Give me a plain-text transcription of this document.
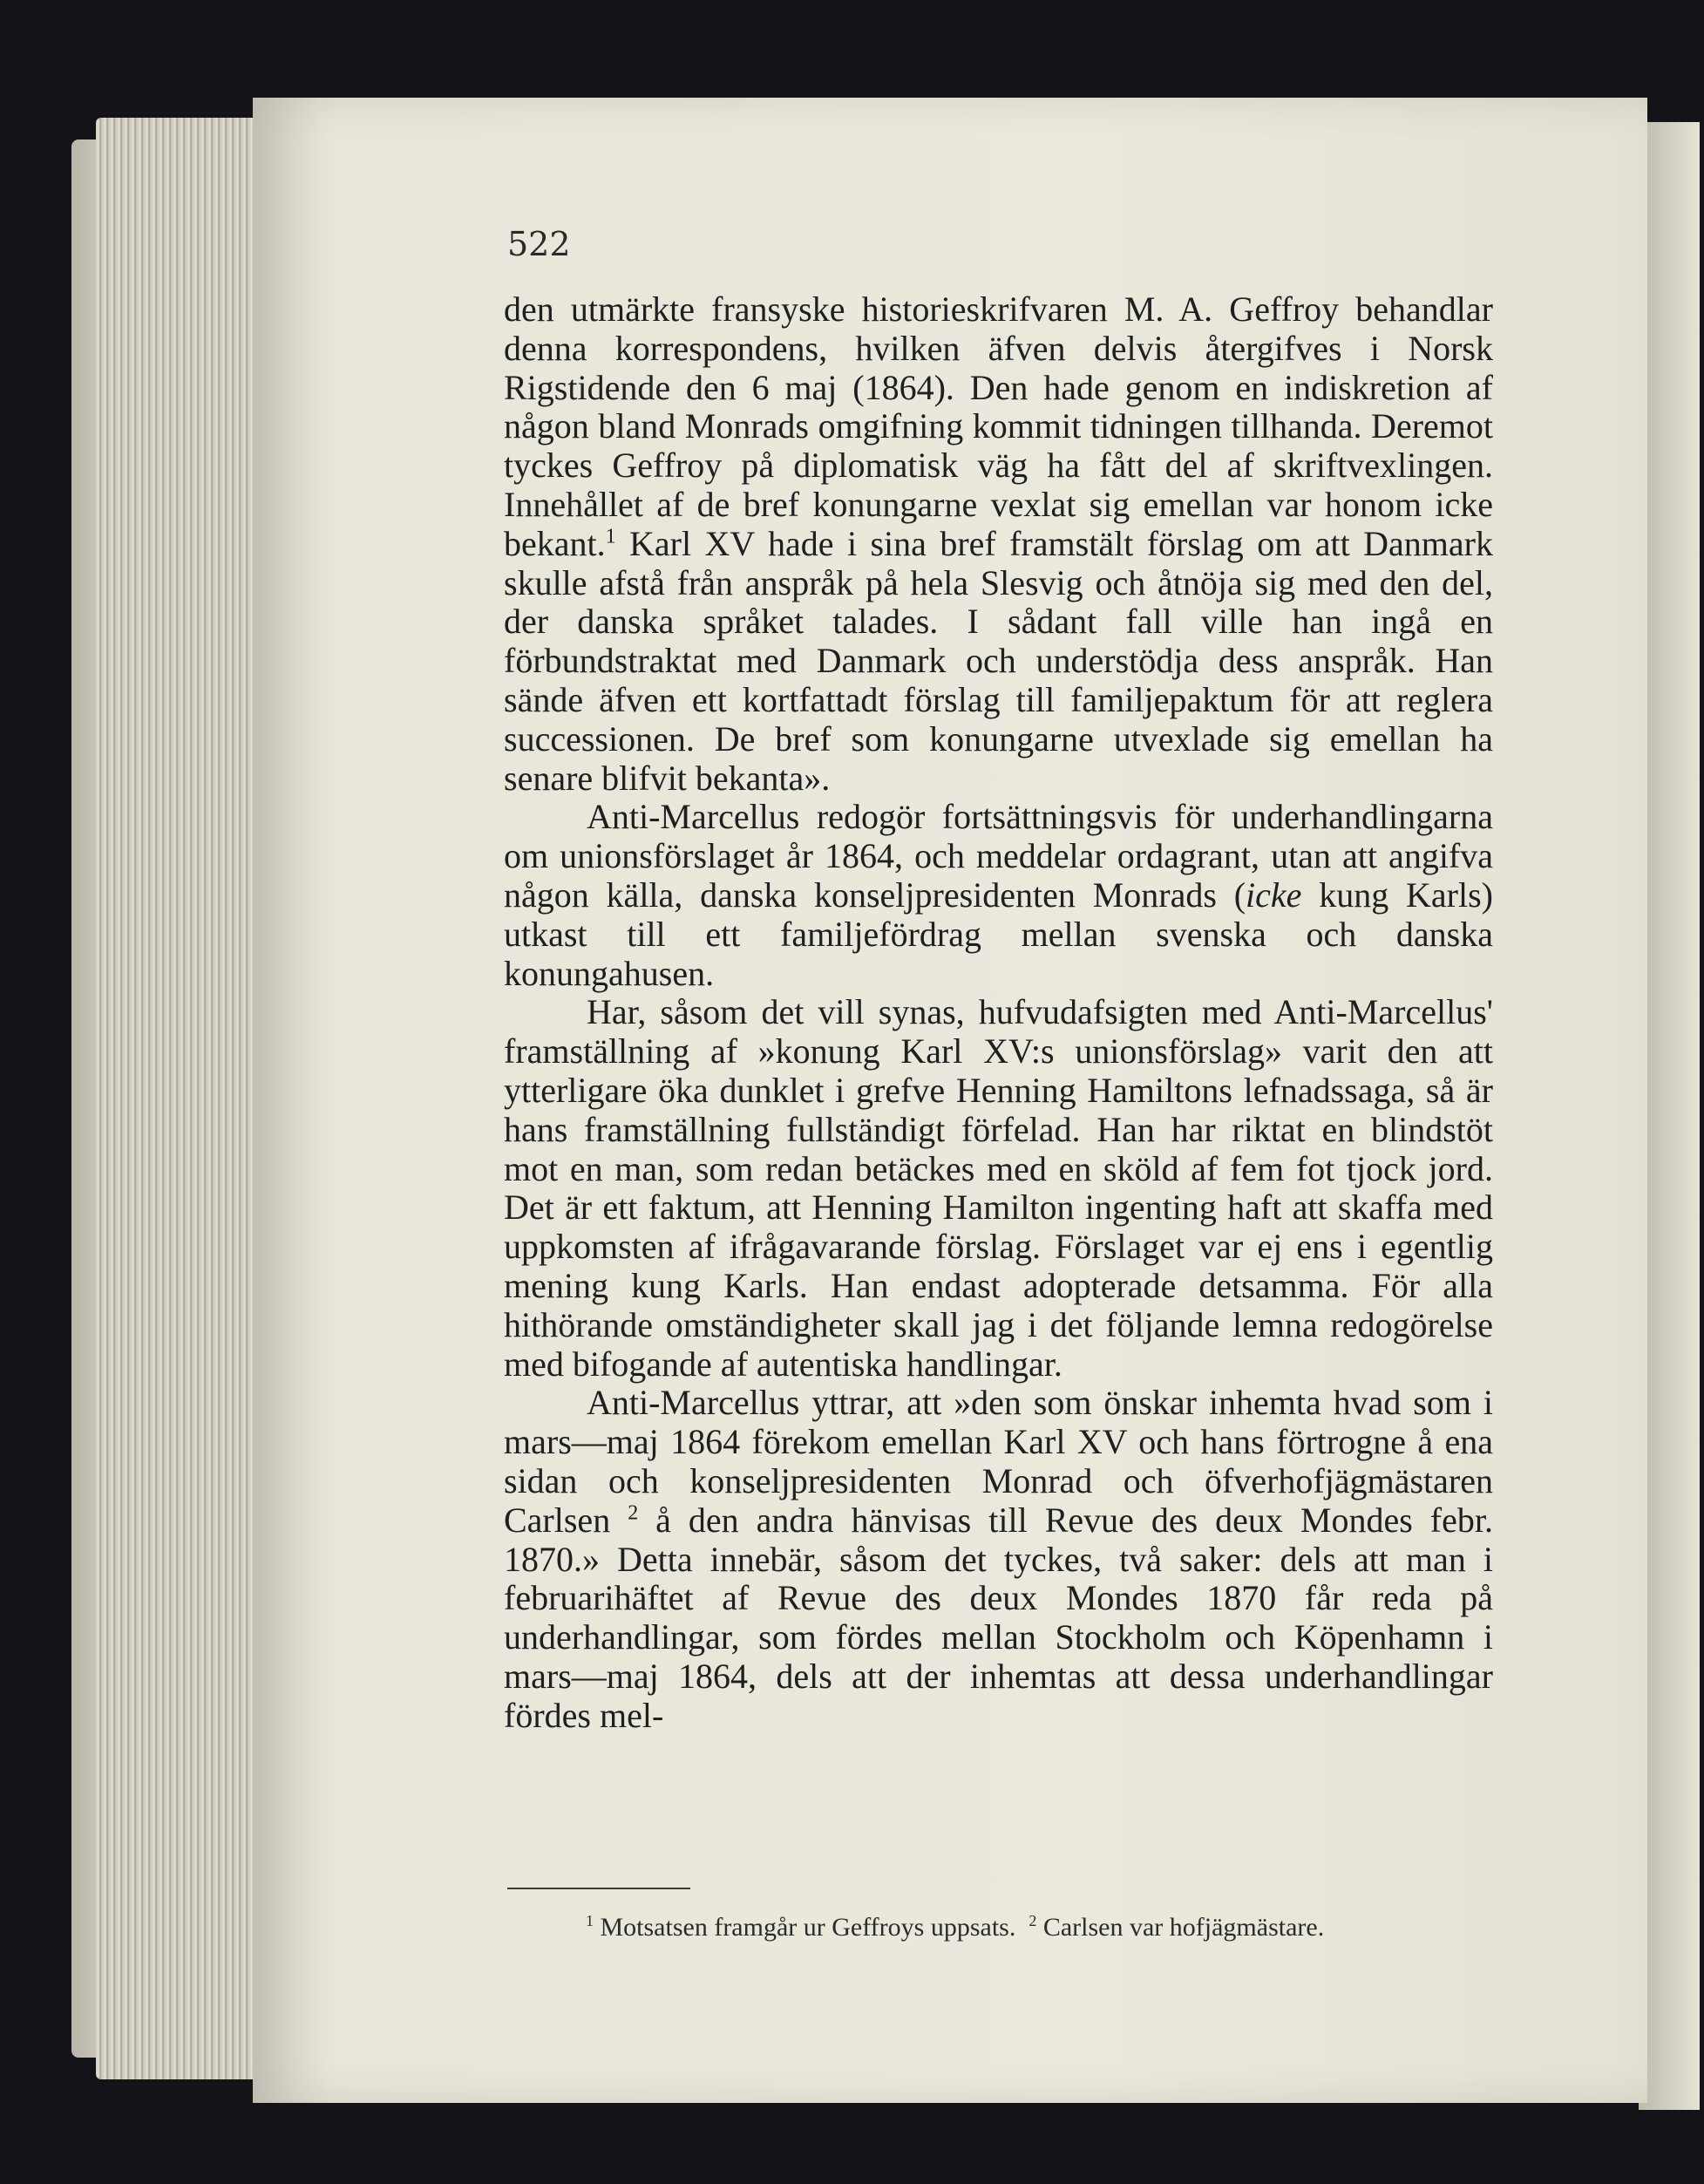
522

den utmärkte fransyske historieskrifvaren M. A. Geffroy behandlar denna korrespondens, hvilken äfven delvis återgifves i Norsk Rigstidende den 6 maj (1864). Den hade genom en indiskretion af någon bland Monrads omgifning kommit tidningen tillhanda. Deremot tyckes Geffroy på diplomatisk väg ha fått del af skriftvexlingen. Innehållet af de bref konungarne vexlat sig emellan var honom icke bekant.$^1$ Karl XV hade i sina bref framstält förslag om att Danmark skulle afstå från anspråk på hela Slesvig och åtnöja sig med den del, der danska språket talades. I sådant fall ville han ingå en förbundstraktat med Danmark och understödja dess anspråk. Han sände äfven ett kortfattadt förslag till familjepaktum för att reglera successionen. De bref som konungarne utvexlade sig emellan ha senare blifvit bekanta».

Anti-Marcellus redogör fortsättningsvis för underhandlingarna om unionsförslaget år 1864, och meddelar ordagrant, utan att angifva någon källa, danska konseljpresidenten Monrads (icke kung Karls) utkast till ett familjefördrag mellan svenska och danska konungahusen.

Har, såsom det vill synas, hufvudafsigten med Anti-Marcellus' framställning af »konung Karl XV:s unionsförslag» varit den att ytterligare öka dunklet i grefve Henning Hamiltons lefnadssaga, så är hans framställning fullständigt förfelad. Han har riktat en blindstöt mot en man, som redan betäckes med en sköld af fem fot tjock jord. Det är ett faktum, att Henning Hamilton ingenting haft att skaffa med uppkomsten af ifrågavarande förslag. Förslaget var ej ens i egentlig mening kung Karls. Han endast adopterade detsamma. För alla hithörande omständigheter skall jag i det följande lemna redogörelse med bifogande af autentiska handlingar.

Anti-Marcellus yttrar, att »den som önskar inhemta hvad som i mars—maj 1864 förekom emellan Karl XV och hans förtrogne å ena sidan och konseljpresidenten Monrad och öfverhofjägmästaren Carlsen $^2$ å den andra hänvisas till Revue des deux Mondes febr. 1870.» Detta innebär, såsom det tyckes, två saker: dels att man i februarihäftet af Revue des deux Mondes 1870 får reda på underhandlingar, som fördes mellan Stockholm och Köpenhamn i mars—maj 1864, dels att der inhemtas att dessa underhandlingar fördes mel-

$^1$ Motsatsen framgår ur Geffroys uppsats. $^2$ Carlsen var hofjägmästare.
